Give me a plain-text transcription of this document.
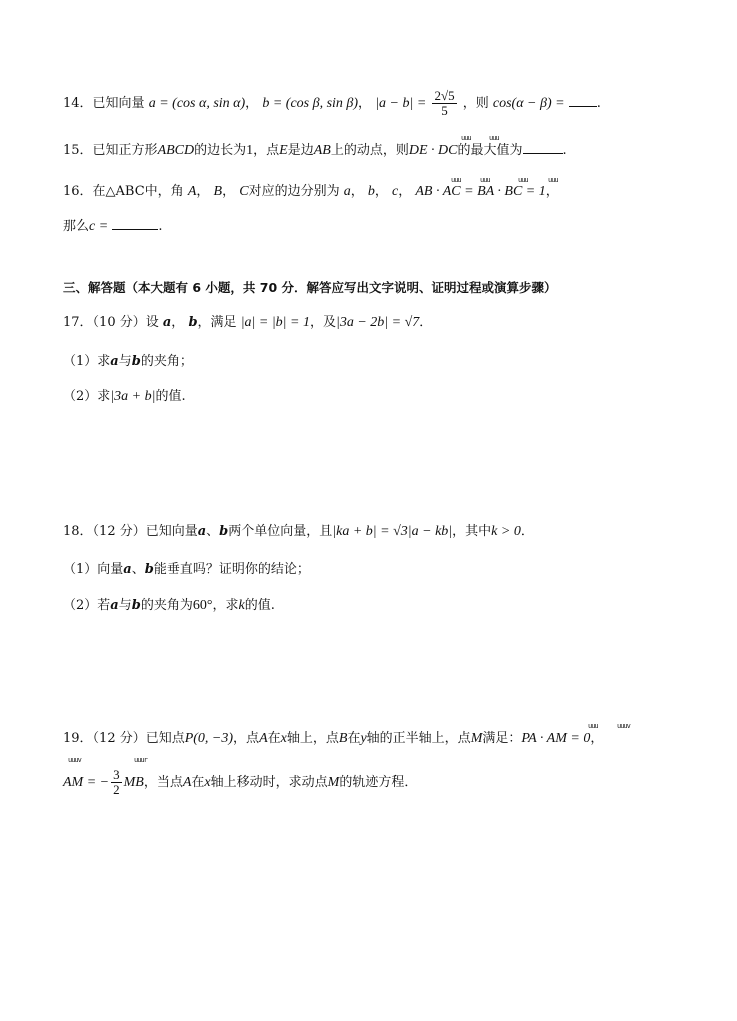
14．已知向量 a = (cos α, sin α)， b = (cos β, sin β)， $|a - b| = \frac{2√5}{5}$ ，则 cos(α − β) = .
uuu	uuu
15．已知正方形ABCD的边长为1，点E是边AB上的动点，则DE · DC的最大值为	.
uuu	uuu	uuu	uuu
16．在△ABC中，角 A， B， C对应的边分别为 a， b， c， AB · AC = BA · BC = 1，
那么c =	.
三、解答题（本大题有 6 小题，共 70 分．解答应写出文字说明、证明过程或演算步骤）
17．（10 分）设 a， b，满足 |a| = |b| = 1，及|3a − 2b| = √7．
（1）求a与b的夹角；
（2）求|3a + b|的值.
18．（12 分）已知向量a、b两个单位向量，且|ka + b| = √3|a − kb|，其中k > 0．
（1）向量a、b能垂直吗？证明你的结论；
（2）若a与b的夹角为60°，求k的值.
uuu	uuuv
19．（12 分）已知点P(0, −3)，点A在x轴上，点B在y轴的正半轴上，点M满足：PA · AM = 0，
uuuv	uuur
AM = − $\frac{3}{2}$ MB，当点A在x轴上移动时，求动点M的轨迹方程．
